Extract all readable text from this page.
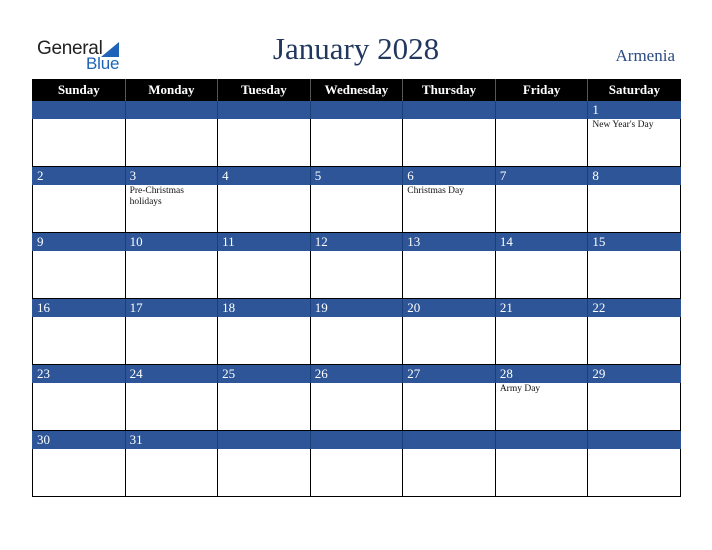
General
Blue	January 2028	Armenia
Sunday	Monday	Tuesday	Wednesday	Thursday	Friday	Saturday
						1

						New Year's Day

2	3	4	5	6	7	8

	Pre-Christmas holidays			Christmas Day		

9	10	11	12	13	14	15

16	17	18	19	20	21	22

23	24	25	26	27	28	29

					Army Day	

30	31					
